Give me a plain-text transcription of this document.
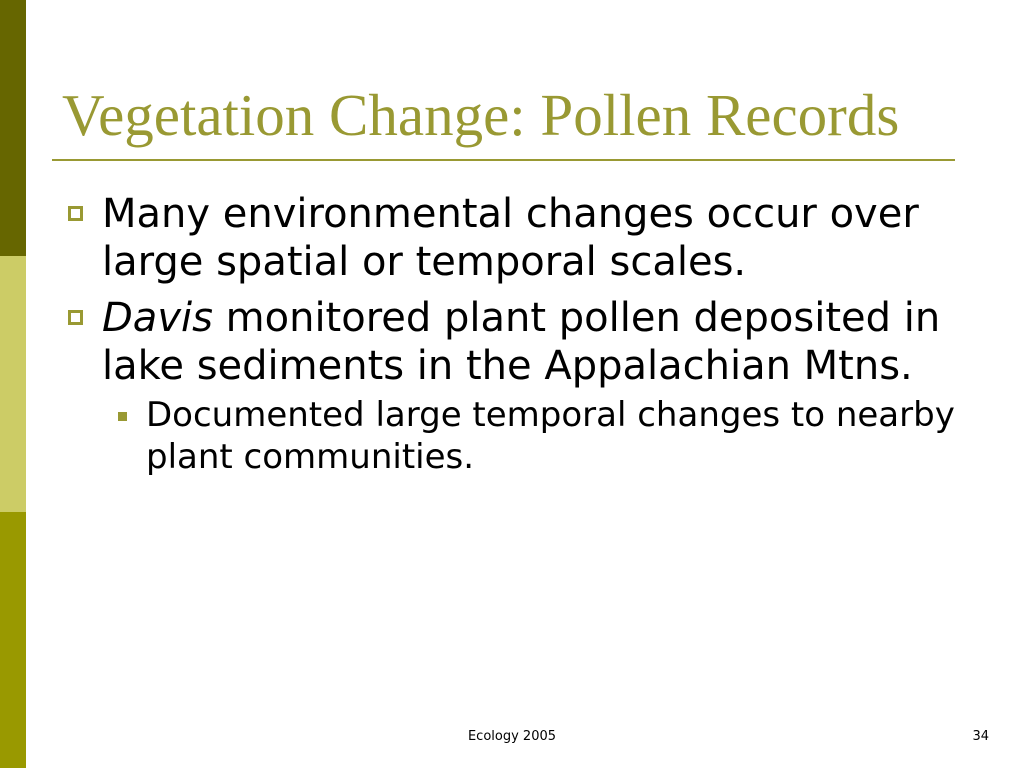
Vegetation Change: Pollen Records
Many environmental changes occur over large spatial or temporal scales.
Davis monitored plant pollen deposited in lake sediments in the Appalachian Mtns.
Documented large temporal changes to nearby plant communities.
Ecology 2005	34
